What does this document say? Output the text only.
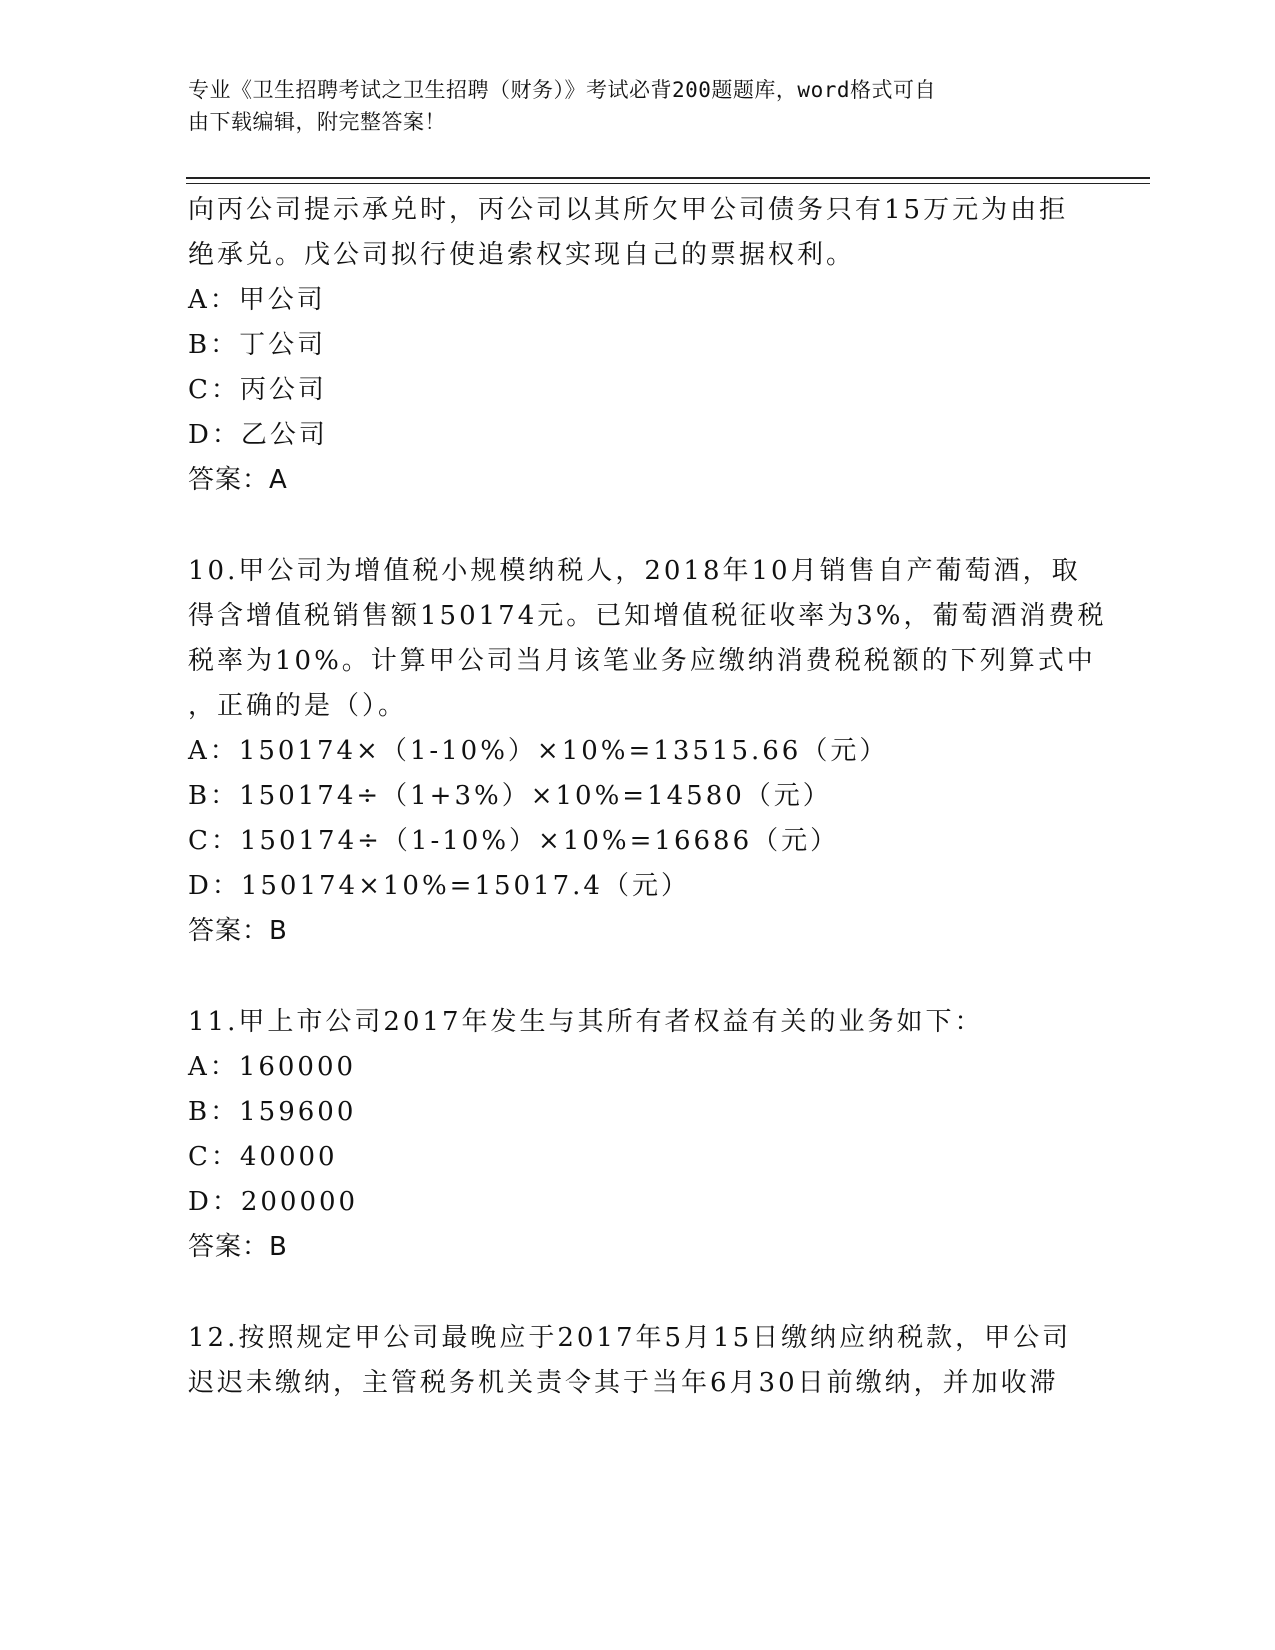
专业《卫生招聘考试之卫生招聘（财务）》考试必背200题题库，word格式可自
由下载编辑，附完整答案！
向丙公司提示承兑时，丙公司以其所欠甲公司债务只有15万元为由拒
绝承兑。戊公司拟行使追索权实现自己的票据权利。
A：甲公司
B：丁公司
C：丙公司
D：乙公司
答案：A
10.甲公司为增值税小规模纳税人，2018年10月销售自产葡萄酒，取
得含增值税销售额150174元。已知增值税征收率为3%，葡萄酒消费税
税率为10%。计算甲公司当月该笔业务应缴纳消费税税额的下列算式中
，正确的是（）。
A：150174×（1-10%）×10%=13515.66（元）
B：150174÷（1+3%）×10%=14580（元）
C：150174÷（1-10%）×10%=16686（元）
D：150174×10%=15017.4（元）
答案：B
11.甲上市公司2017年发生与其所有者权益有关的业务如下：
A：160000
B：159600
C：40000
D：200000
答案：B
12.按照规定甲公司最晚应于2017年5月15日缴纳应纳税款，甲公司
迟迟未缴纳，主管税务机关责令其于当年6月30日前缴纳，并加收滞
